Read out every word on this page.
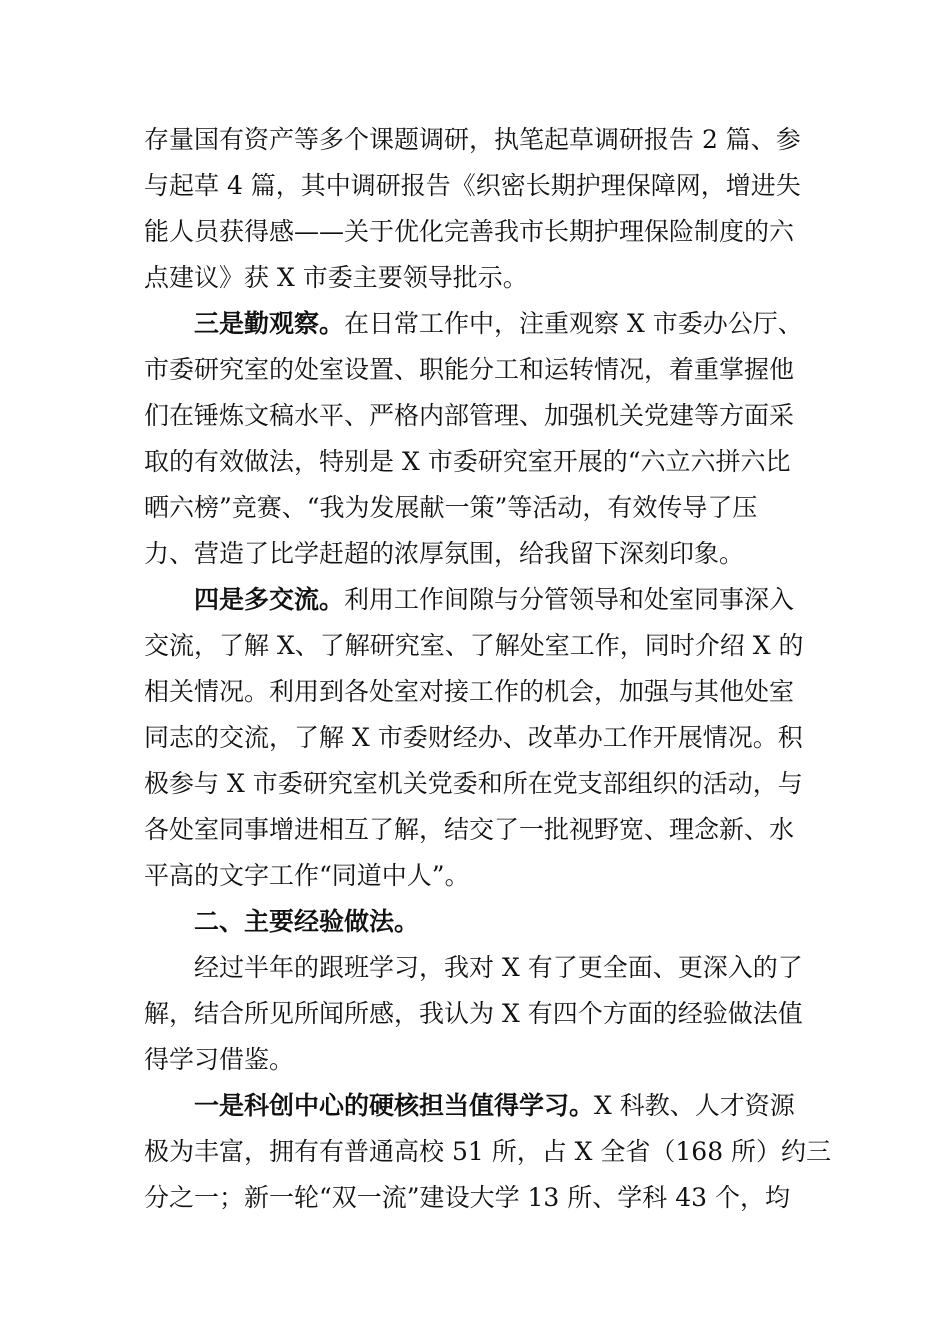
存量国有资产等多个课题调研，执笔起草调研报告 2 篇、参

与起草 4 篇，其中调研报告《织密长期护理保障网，增进失

能人员获得感——关于优化完善我市长期护理保险制度的六

点建议》获 X 市委主要领导批示。

三是勤观察。在日常工作中，注重观察 X 市委办公厅、

市委研究室的处室设置、职能分工和运转情况，着重掌握他

们在锤炼文稿水平、严格内部管理、加强机关党建等方面采

取的有效做法，特别是 X 市委研究室开展的“六立六拼六比

晒六榜”竞赛、“我为发展献一策”等活动，有效传导了压

力、营造了比学赶超的浓厚氛围，给我留下深刻印象。

四是多交流。利用工作间隙与分管领导和处室同事深入

交流，了解 X、了解研究室、了解处室工作，同时介绍 X 的

相关情况。利用到各处室对接工作的机会，加强与其他处室

同志的交流，了解 X 市委财经办、改革办工作开展情况。积

极参与 X 市委研究室机关党委和所在党支部组织的活动，与

各处室同事增进相互了解，结交了一批视野宽、理念新、水

平高的文字工作“同道中人”。

二、主要经验做法。

经过半年的跟班学习，我对 X 有了更全面、更深入的了

解，结合所见所闻所感，我认为 X 有四个方面的经验做法值

得学习借鉴。

一是科创中心的硬核担当值得学习。X 科教、人才资源

极为丰富，拥有有普通高校 51 所，占 X 全省（168 所）约三

分之一；新一轮“双一流”建设大学 13 所、学科 43 个，均
